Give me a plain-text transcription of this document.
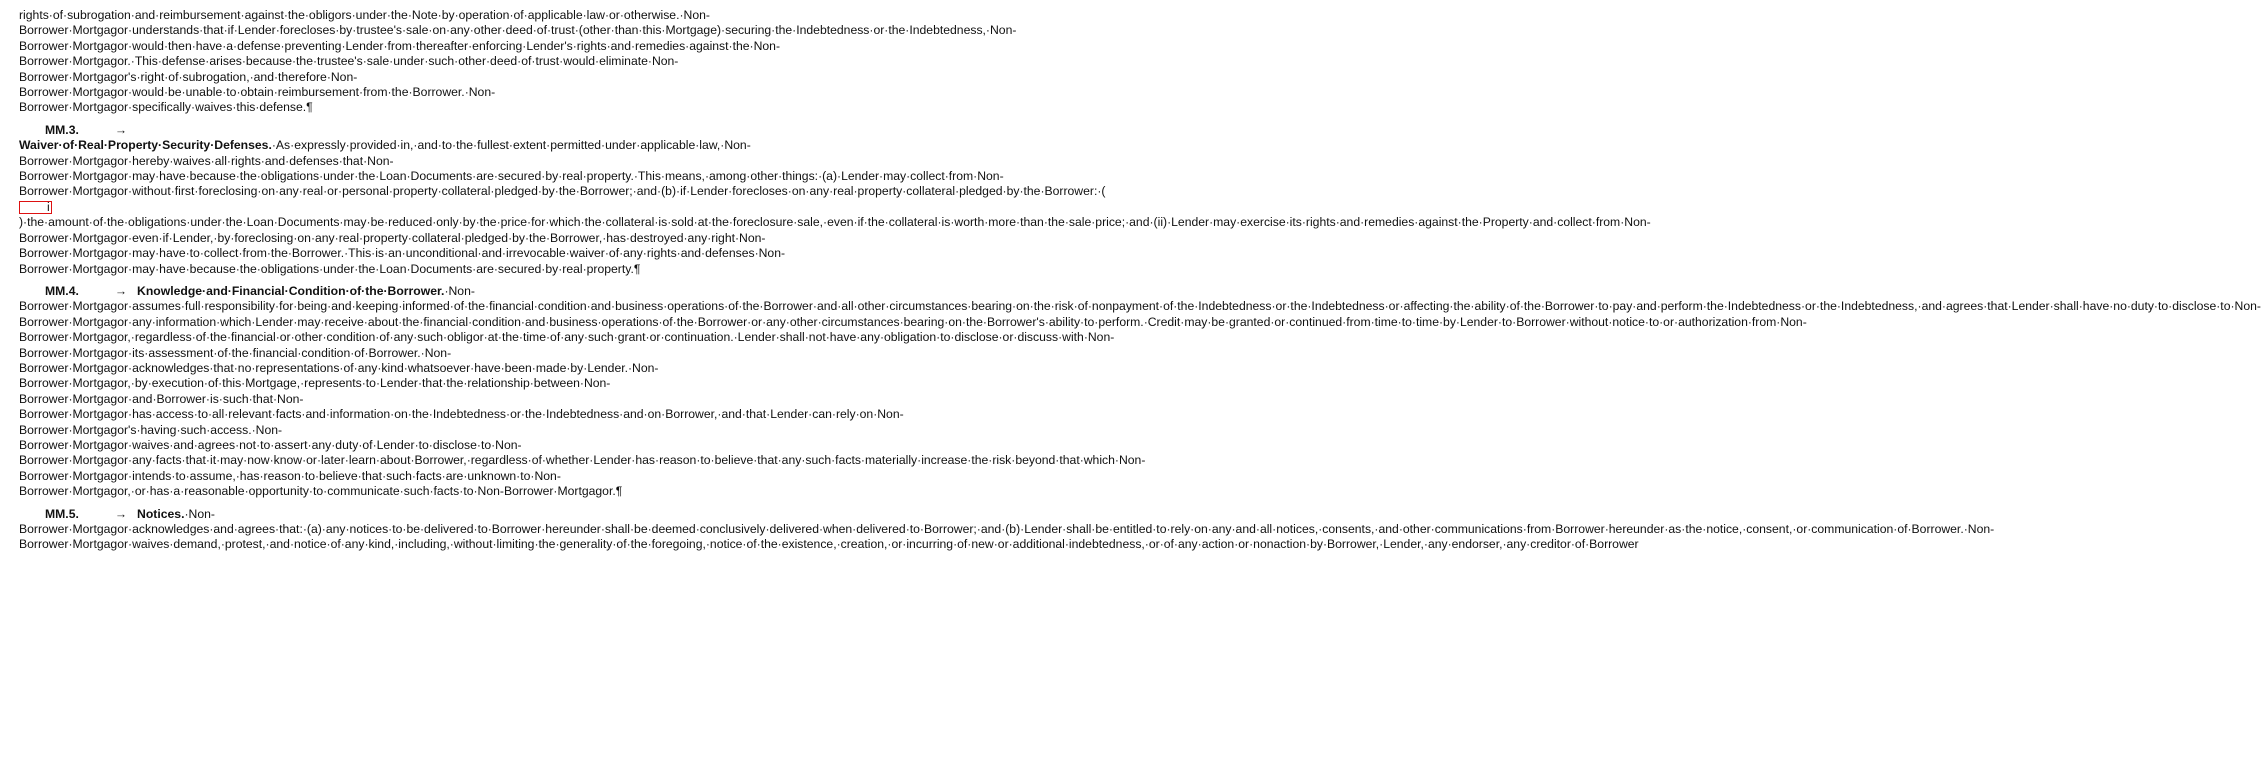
rights·of·subrogation·and·reimbursement·against·the·obligors·under·the·Note·by·operation·of·applicable·law·or·otherwise.·Non-Borrower·Mortgagor·understands·that·if·Lender·forecloses·by·trustee's·sale·on·any·other·deed·of·trust·(other·than·this·Mortgage)·securing·the·Indebtedness·or·the·Indebtedness,·Non-Borrower·Mortgagor·would·then·have·a·defense·preventing·Lender·from·thereafter·enforcing·Lender's·rights·and·remedies·against·the·Non-Borrower·Mortgagor.·This·defense·arises·because·the·trustee's·sale·under·such·other·deed·of·trust·would·eliminate·Non-Borrower·Mortgagor's·right·of·subrogation,·and·therefore·Non-Borrower·Mortgagor·would·be·unable·to·obtain·reimbursement·from·the·Borrower.·Non-Borrower·Mortgagor·specifically·waives·this·defense.¶

MM.3.	→Waiver·of·Real·Property·Security·Defenses.·As·expressly·provided·in,·and·to·the·fullest·extent·permitted·under·applicable·law,·Non-Borrower·Mortgagor·hereby·waives·all·rights·and·defenses·that·Non-Borrower·Mortgagor·may·have·because·the·obligations·under·the·Loan·Documents·are·secured·by·real·property.·This·means,·among·other·things:·(a)·Lender·may·collect·from·Non-Borrower·Mortgagor·without·first·foreclosing·on·any·real·or·personal·property·collateral·pledged·by·the·Borrower;·and·(b)·if·Lender·forecloses·on·any·real·property·collateral·pledged·by·the·Borrower:·(i)·the·amount·of·the·obligations·under·the·Loan·Documents·may·be·reduced·only·by·the·price·for·which·the·collateral·is·sold·at·the·foreclosure·sale,·even·if·the·collateral·is·worth·more·than·the·sale·price;·and·(ii)·Lender·may·exercise·its·rights·and·remedies·against·the·Property·and·collect·from·Non-Borrower·Mortgagor·even·if·Lender,·by·foreclosing·on·any·real·property·collateral·pledged·by·the·Borrower,·has·destroyed·any·right·Non-Borrower·Mortgagor·may·have·to·collect·from·the·Borrower.·This·is·an·unconditional·and·irrevocable·waiver·of·any·rights·and·defenses·Non-Borrower·Mortgagor·may·have·because·the·obligations·under·the·Loan·Documents·are·secured·by·real·property.¶

MM.4.	→ Knowledge·and·Financial·Condition·of·the·Borrower.·Non-Borrower·Mortgagor·assumes·full·responsibility·for·being·and·keeping·informed·of·the·financial·condition·and·business·operations·of·the·Borrower·and·all·other·circumstances·bearing·on·the·risk·of·nonpayment·of·the·Indebtedness·or·the·Indebtedness·or·affecting·the·ability·of·the·Borrower·to·pay·and·perform·the·Indebtedness·or·the·Indebtedness,·and·agrees·that·Lender·shall·have·no·duty·to·disclose·to·Non-Borrower·Mortgagor·any·information·which·Lender·may·receive·about·the·financial·condition·and·business·operations·of·the·Borrower·or·any·other·circumstances·bearing·on·the·Borrower's·ability·to·perform.·Credit·may·be·granted·or·continued·from·time·to·time·by·Lender·to·Borrower·without·notice·to·or·authorization·from·Non-Borrower·Mortgagor,·regardless·of·the·financial·or·other·condition·of·any·such·obligor·at·the·time·of·any·such·grant·or·continuation.·Lender·shall·not·have·any·obligation·to·disclose·or·discuss·with·Non-Borrower·Mortgagor·its·assessment·of·the·financial·condition·of·Borrower.·Non-Borrower·Mortgagor·acknowledges·that·no·representations·of·any·kind·whatsoever·have·been·made·by·Lender.·Non-Borrower·Mortgagor,·by·execution·of·this·Mortgage,·represents·to·Lender·that·the·relationship·between·Non-Borrower·Mortgagor·and·Borrower·is·such·that·Non-Borrower·Mortgagor·has·access·to·all·relevant·facts·and·information·on·the·Indebtedness·or·the·Indebtedness·and·on·Borrower,·and·that·Lender·can·rely·on·Non-Borrower·Mortgagor's·having·such·access.·Non-Borrower·Mortgagor·waives·and·agrees·not·to·assert·any·duty·of·Lender·to·disclose·to·Non-Borrower·Mortgagor·any·facts·that·it·may·now·know·or·later·learn·about·Borrower,·regardless·of·whether·Lender·has·reason·to·believe·that·any·such·facts·materially·increase·the·risk·beyond·that·which·Non-Borrower·Mortgagor·intends·to·assume,·has·reason·to·believe·that·such·facts·are·unknown·to·Non-Borrower·Mortgagor,·or·has·a·reasonable·opportunity·to·communicate·such·facts·to·Non-Borrower·Mortgagor.¶

MM.5.	→ Notices.·Non-Borrower·Mortgagor·acknowledges·and·agrees·that:·(a)·any·notices·to·be·delivered·to·Borrower·hereunder·shall·be·deemed·conclusively·delivered·when·delivered·to·Borrower;·and·(b)·Lender·shall·be·entitled·to·rely·on·any·and·all·notices,·consents,·and·other·communications·from·Borrower·hereunder·as·the·notice,·consent,·or·communication·of·Borrower.·Non-Borrower·Mortgagor·waives·demand,·protest,·and·notice·of·any·kind,·including,·without·limiting·the·generality·of·the·foregoing,·notice·of·the·existence,·creation,·or·incurring·of·new·or·additional·indebtedness,·or·of·any·action·or·nonaction·by·Borrower,·Lender,·any·endorser,·any·creditor·of·Borrower
